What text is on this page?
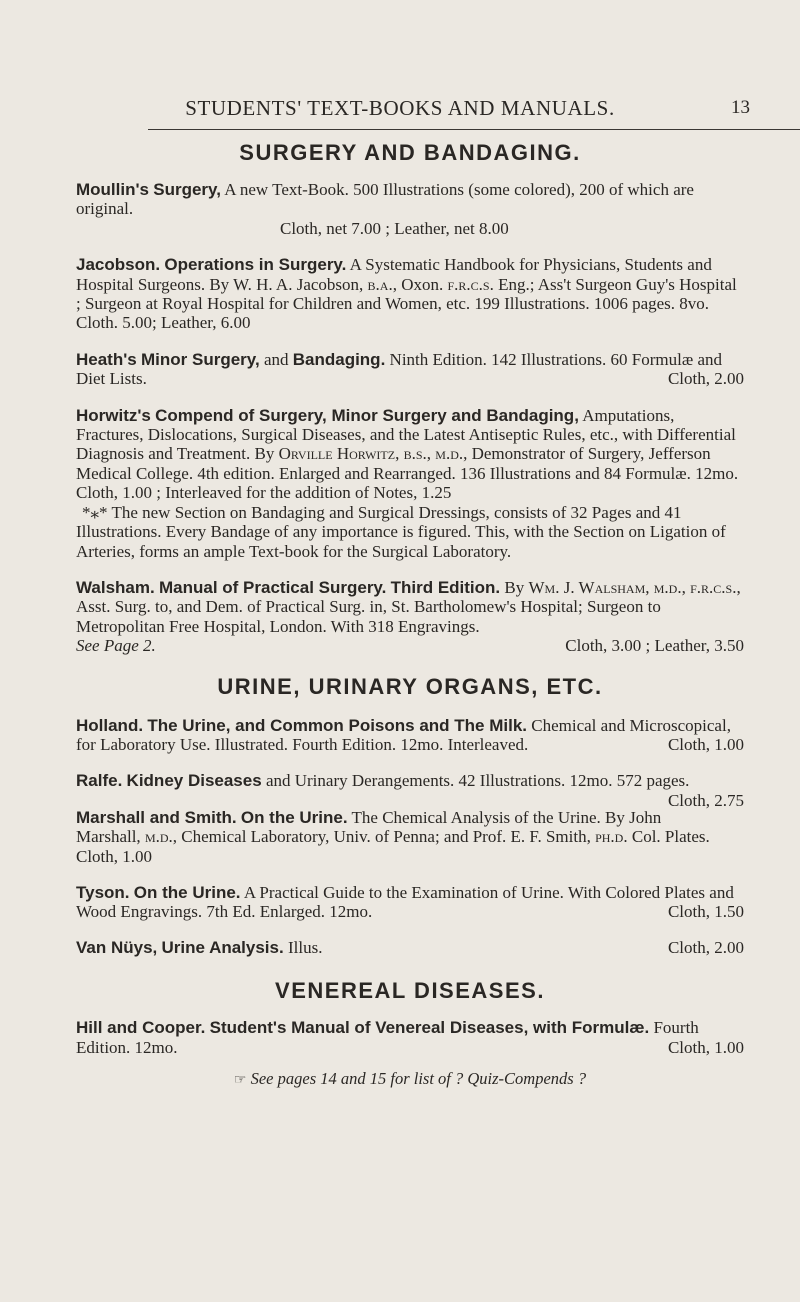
STUDENTS' TEXT-BOOKS AND MANUALS.	13
SURGERY AND BANDAGING.

Moullin's Surgery, A new Text-Book. 500 Illustrations (some colored), 200 of which are original.
Cloth, net 7.00 ; Leather, net 8.00

Jacobson. Operations in Surgery. A Systematic Handbook for Physicians, Students and Hospital Surgeons. By W. H. A. Jacobson, b.a., Oxon. f.r.c.s. Eng.; Ass't Surgeon Guy's Hospital ; Surgeon at Royal Hospital for Children and Women, etc. 199 Illustrations. 1006 pages. 8vo. Cloth. 5.00; Leather, 6.00

Heath's Minor Surgery, and Bandaging. Ninth Edition. 142 Illustrations. 60 Formulæ and Diet Lists.	Cloth, 2.00

Horwitz's Compend of Surgery, Minor Surgery and Bandaging, Amputations, Fractures, Dislocations, Surgical Diseases, and the Latest Antiseptic Rules, etc., with Differential Diagnosis and Treatment. By Orville Horwitz, b.s., m.d., Demonstrator of Surgery, Jefferson Medical College. 4th edition. Enlarged and Rearranged. 136 Illustrations and 84 Formulæ. 12mo. Cloth, 1.00 ; Interleaved for the addition of Notes, 1.25

*⁎* The new Section on Bandaging and Surgical Dressings, consists of 32 Pages and 41 Illustrations. Every Bandage of any importance is figured. This, with the Section on Ligation of Arteries, forms an ample Text-book for the Surgical Laboratory.

Walsham. Manual of Practical Surgery. Third Edition. By Wm. J. Walsham, m.d., f.r.c.s., Asst. Surg. to, and Dem. of Practical Surg. in, St. Bartholomew's Hospital; Surgeon to Metropolitan Free Hospital, London. With 318 Engravings.
See Page 2.	Cloth, 3.00 ; Leather, 3.50

URINE, URINARY ORGANS, ETC.

Holland. The Urine, and Common Poisons and The Milk. Chemical and Microscopical, for Laboratory Use. Illustrated. Fourth Edition. 12mo. Interleaved.	Cloth, 1.00

Ralfe. Kidney Diseases and Urinary Derangements. 42 Illustrations. 12mo. 572 pages.
Cloth, 2.75

Marshall and Smith. On the Urine. The Chemical Analysis of the Urine. By John Marshall, m.d., Chemical Laboratory, Univ. of Penna; and Prof. E. F. Smith, ph.d. Col. Plates. Cloth, 1.00

Tyson. On the Urine. A Practical Guide to the Examination of Urine. With Colored Plates and Wood Engravings. 7th Ed. Enlarged. 12mo.	Cloth, 1.50

Van Nüys, Urine Analysis. Illus.	Cloth, 2.00

VENEREAL DISEASES.

Hill and Cooper. Student's Manual of Venereal Diseases, with Formulæ. Fourth Edition. 12mo.	Cloth, 1.00

☞ See pages 14 and 15 for list of ? Quiz-Compends ?
